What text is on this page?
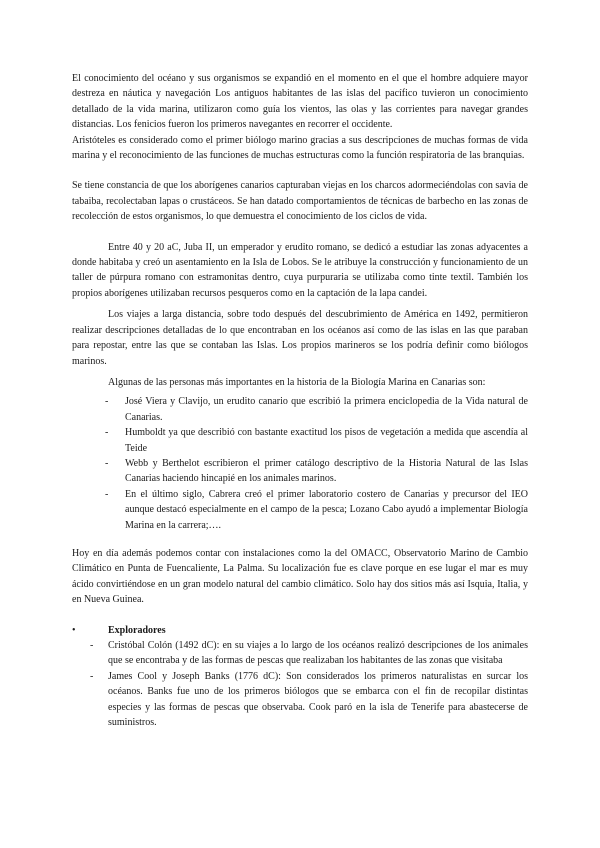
El conocimiento del océano y sus organismos se expandió en el momento en el que el hombre adquiere mayor destreza en náutica y navegación Los antiguos habitantes de las islas del pacífico tuvieron un conocimiento detallado de la vida marina, utilizaron como guía los vientos, las olas y las corrientes para navegar grandes distancias. Los fenicios fueron los primeros navegantes en recorrer el occidente.

Aristóteles es considerado como el primer biólogo marino gracias a sus descripciones de muchas formas de vida marina y el reconocimiento de las funciones de muchas estructuras como la función respiratoria de las branquias.

Se tiene constancia de que los aborígenes canarios capturaban viejas en los charcos adormeciéndolas con savia de tabaiba, recolectaban lapas o crustáceos. Se han datado comportamientos de técnicas de barbecho en las zonas de recolección de estos organismos, lo que demuestra el conocimiento de los ciclos de vida.

Entre 40 y 20 aC, Juba II, un emperador y erudito romano, se dedicó a estudiar las zonas adyacentes a donde habitaba y creó un asentamiento en la Isla de Lobos. Se le atribuye la construcción y funcionamiento de un taller de púrpura romano con estramonitas dentro, cuya purpuraria se utilizaba como tinte textil. También los propios aborígenes utilizaban recursos pesqueros como en la captación de la lapa candei.

Los viajes a larga distancia, sobre todo después del descubrimiento de América en 1492, permitieron realizar descripciones detalladas de lo que encontraban en los océanos así como de las islas en las que paraban para repostar, entre las que se contaban las Islas. Los propios marineros se los podría definir como biólogos marinos.

Algunas de las personas más importantes en la historia de la Biología Marina en Canarias son:

- José Viera y Clavijo, un erudito canario que escribió la primera enciclopedia de la Vida natural de Canarias.
- Humboldt ya que describió con bastante exactitud los pisos de vegetación a medida que ascendía al Teide
- Webb y Berthelot escribieron el primer catálogo descriptivo de la Historia Natural de las Islas Canarias haciendo hincapié en los animales marinos.
- En el último siglo, Cabrera creó el primer laboratorio costero de Canarias y precursor del IEO aunque destacó especialmente en el campo de la pesca; Lozano Cabo ayudó a implementar Biología Marina en la carrera;….

Hoy en día además podemos contar con instalaciones como la del OMACC, Observatorio Marino de Cambio Climático en Punta de Fuencaliente, La Palma. Su localización fue es clave porque en ese lugar el mar es muy ácido convirtiéndose en un gran modelo natural del cambio climático. Solo hay dos sitios más así Isquia, Italia, y en Nueva Guinea.

•	Exploradores
- Cristóbal Colón (1492 dC): en su viajes a lo largo de los océanos realizó descripciones de los animales que se encontraba y de las formas de pescas que realizaban los habitantes de las zonas que visitaba
- James Cool y Joseph Banks (1776 dC): Son considerados los primeros naturalistas en surcar los océanos. Banks fue uno de los primeros biólogos que se embarca con el fin de recopilar distintas especies y las formas de pescas que observaba. Cook paró en la isla de Tenerife para abastecerse de suministros.
